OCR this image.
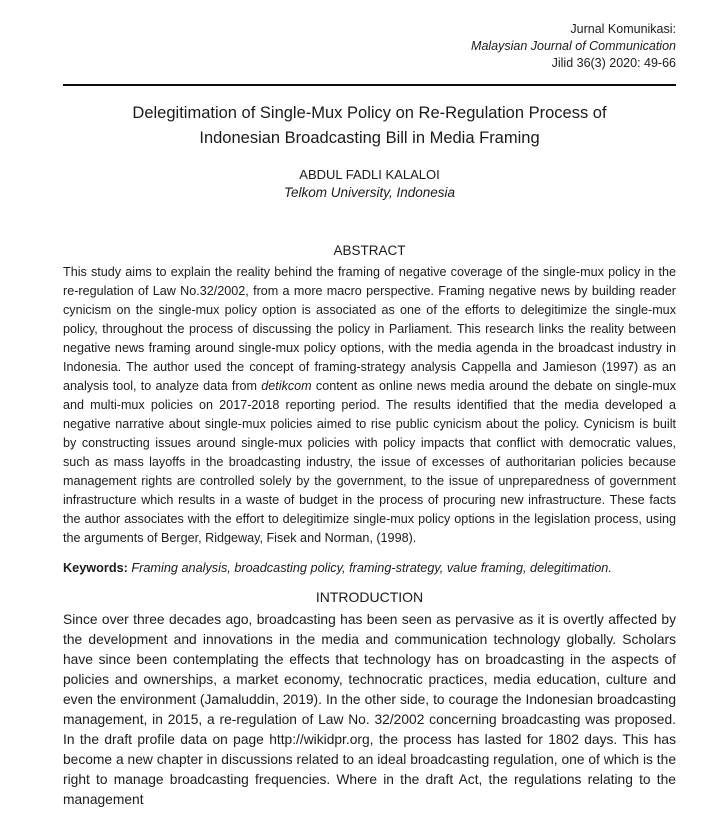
Jurnal Komunikasi:
Malaysian Journal of Communication
Jilid 36(3) 2020: 49-66
Delegitimation of Single-Mux Policy on Re-Regulation Process of
Indonesian Broadcasting Bill in Media Framing
ABDUL FADLI KALALOI
Telkom University, Indonesia
ABSTRACT

This study aims to explain the reality behind the framing of negative coverage of the single-mux policy in the re-regulation of Law No.32/2002, from a more macro perspective. Framing negative news by building reader cynicism on the single-mux policy option is associated as one of the efforts to delegitimize the single-mux policy, throughout the process of discussing the policy in Parliament. This research links the reality between negative news framing around single-mux policy options, with the media agenda in the broadcast industry in Indonesia. The author used the concept of framing-strategy analysis Cappella and Jamieson (1997) as an analysis tool, to analyze data from detikcom content as online news media around the debate on single-mux and multi-mux policies on 2017-2018 reporting period. The results identified that the media developed a negative narrative about single-mux policies aimed to rise public cynicism about the policy. Cynicism is built by constructing issues around single-mux policies with policy impacts that conflict with democratic values, such as mass layoffs in the broadcasting industry, the issue of excesses of authoritarian policies because management rights are controlled solely by the government, to the issue of unpreparedness of government infrastructure which results in a waste of budget in the process of procuring new infrastructure. These facts the author associates with the effort to delegitimize single-mux policy options in the legislation process, using the arguments of Berger, Ridgeway, Fisek and Norman, (1998).

Keywords: Framing analysis, broadcasting policy, framing-strategy, value framing, delegitimation.

INTRODUCTION

Since over three decades ago, broadcasting has been seen as pervasive as it is overtly affected by the development and innovations in the media and communication technology globally. Scholars have since been contemplating the effects that technology has on broadcasting in the aspects of policies and ownerships, a market economy, technocratic practices, media education, culture and even the environment (Jamaluddin, 2019). In the other side, to courage the Indonesian broadcasting management, in 2015, a re-regulation of Law No. 32/2002 concerning broadcasting was proposed. In the draft profile data on page http://wikidpr.org, the process has lasted for 1802 days. This has become a new chapter in discussions related to an ideal broadcasting regulation, one of which is the right to manage broadcasting frequencies. Where in the draft Act, the regulations relating to the management
